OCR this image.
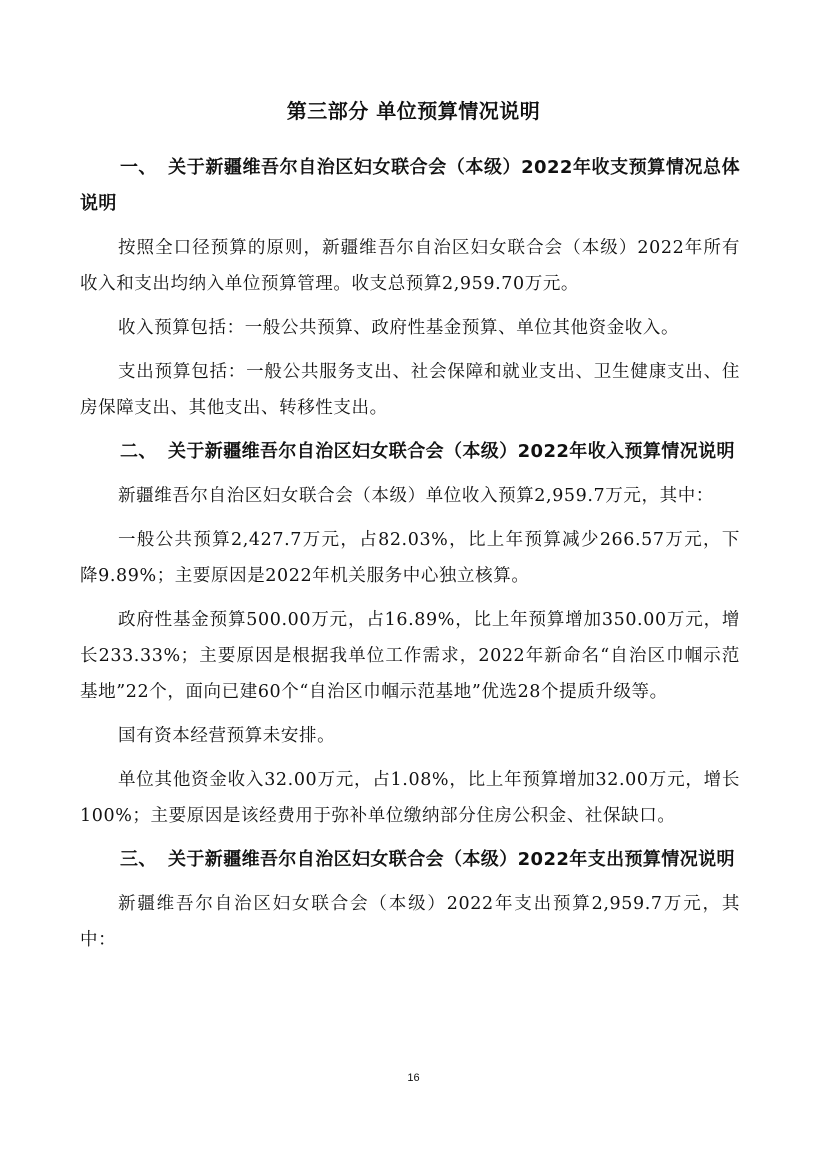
第三部分 单位预算情况说明
一、 关于新疆维吾尔自治区妇女联合会（本级）2022年收支预算情况总体说明

按照全口径预算的原则，新疆维吾尔自治区妇女联合会（本级）2022年所有收入和支出均纳入单位预算管理。收支总预算2,959.70万元。

收入预算包括：一般公共预算、政府性基金预算、单位其他资金收入。

支出预算包括：一般公共服务支出、社会保障和就业支出、卫生健康支出、住房保障支出、其他支出、转移性支出。

二、 关于新疆维吾尔自治区妇女联合会（本级）2022年收入预算情况说明

新疆维吾尔自治区妇女联合会（本级）单位收入预算2,959.7万元，其中：

一般公共预算2,427.7万元，占82.03%，比上年预算减少266.57万元，下降9.89%；主要原因是2022年机关服务中心独立核算。

政府性基金预算500.00万元，占16.89%，比上年预算增加350.00万元，增长233.33%；主要原因是根据我单位工作需求，2022年新命名“自治区巾帼示范基地”22个，面向已建60个“自治区巾帼示范基地”优选28个提质升级等。

国有资本经营预算未安排。

单位其他资金收入32.00万元，占1.08%，比上年预算增加32.00万元，增长100%；主要原因是该经费用于弥补单位缴纳部分住房公积金、社保缺口。

三、 关于新疆维吾尔自治区妇女联合会（本级）2022年支出预算情况说明

新疆维吾尔自治区妇女联合会（本级）2022年支出预算2,959.7万元，其中：

16
